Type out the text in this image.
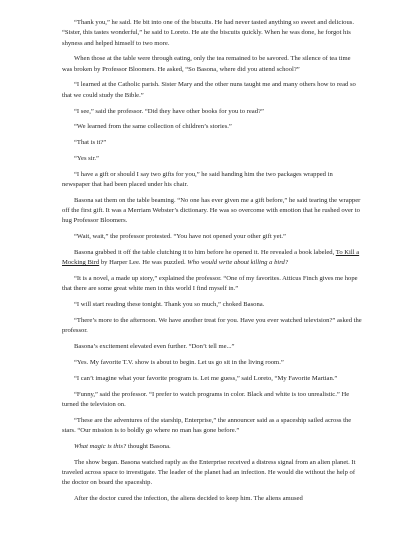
“Thank you,” he said. He bit into one of the biscuits. He had never tasted anything so sweet and delicious. “Sister, this tastes wonderful,” he said to Loreto. He ate the biscuits quickly. When he was done, he forgot his shyness and helped himself to two more.

When those at the table were through eating, only the tea remained to be savored. The silence of tea time was broken by Professor Bloomers. He asked, “So Basona, where did you attend school?”

“I learned at the Catholic parish. Sister Mary and the other nuns taught me and many others how to read so that we could study the Bible.”

“I see,” said the professor. “Did they have other books for you to read?”

“We learned from the same collection of children’s stories.”

“That is it?”

“Yes sir.”

“I have a gift or should I say two gifts for you,” he said handing him the two packages wrapped in newspaper that had been placed under his chair.

Basona sat them on the table beaming. “No one has ever given me a gift before,” he said tearing the wrapper off the first gift. It was a Merriam Webster’s dictionary. He was so overcome with emotion that he rushed over to hug Professor Bloomers.

“Wait, wait,” the professor protested. “You have not opened your other gift yet.”

Basona grabbed it off the table clutching it to him before he opened it. He revealed a book labeled, To Kill a Mocking Bird by Harper Lee. He was puzzled. Who would write about killing a bird?

“It is a novel, a made up story,” explained the professor. “One of my favorites. Atticus Finch gives me hope that there are some great white men in this world I find myself in.”

“I will start reading these tonight. Thank you so much,” choked Basona.

“There’s more to the afternoon. We have another treat for you. Have you ever watched television?” asked the professor.

Basona’s excitement elevated even further. “Don’t tell me...”

“Yes. My favorite T.V. show is about to begin. Let us go sit in the living room.”

“I can’t imagine what your favorite program is. Let me guess,” said Loreto, “My Favorite Martian.”

“Funny,” said the professor. “I prefer to watch programs in color. Black and white is too unrealistic.” He turned the television on.

“These are the adventures of the starship, Enterprise,” the announcer said as a spaceship sailed across the stars. “Our mission is to boldly go where no man has gone before.”

What magic is this? thought Basona.

The show began. Basona watched raptly as the Enterprise received a distress signal from an alien planet. It traveled across space to investigate. The leader of the planet had an infection. He would die without the help of the doctor on board the spaceship.

After the doctor cured the infection, the aliens decided to keep him. The aliens amused
